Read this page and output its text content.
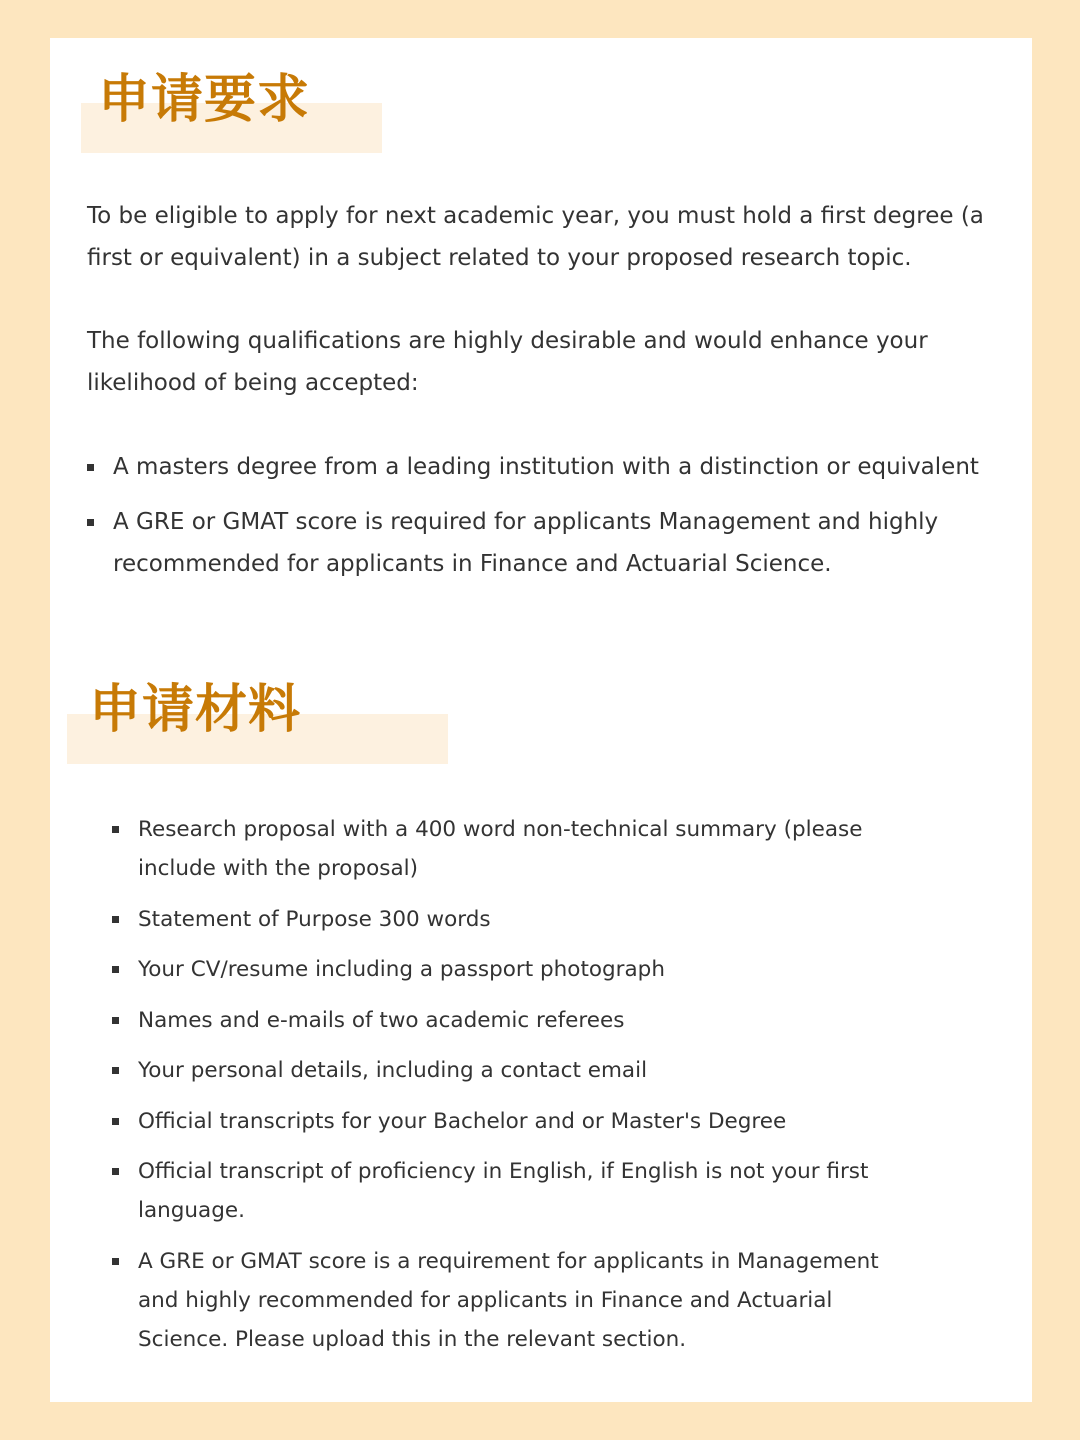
申请要求

To be eligible to apply for next academic year, you must hold a first degree (a first or equivalent) in a subject related to your proposed research topic.

The following qualifications are highly desirable and would enhance your likelihood of being accepted:

A masters degree from a leading institution with a distinction or equivalent
A GRE or GMAT score is required for applicants Management and highly recommended for applicants in Finance and Actuarial Science.
申请材料
Research proposal with a 400 word non-technical summary (please include with the proposal)
Statement of Purpose 300 words
Your CV/resume including a passport photograph
Names and e-mails of two academic referees
Your personal details, including a contact email
Official transcripts for your Bachelor and or Master's Degree
Official transcript of proficiency in English, if English is not your first language.
A GRE or GMAT score is a requirement for applicants in Management and highly recommended for applicants in Finance and Actuarial Science. Please upload this in the relevant section.
